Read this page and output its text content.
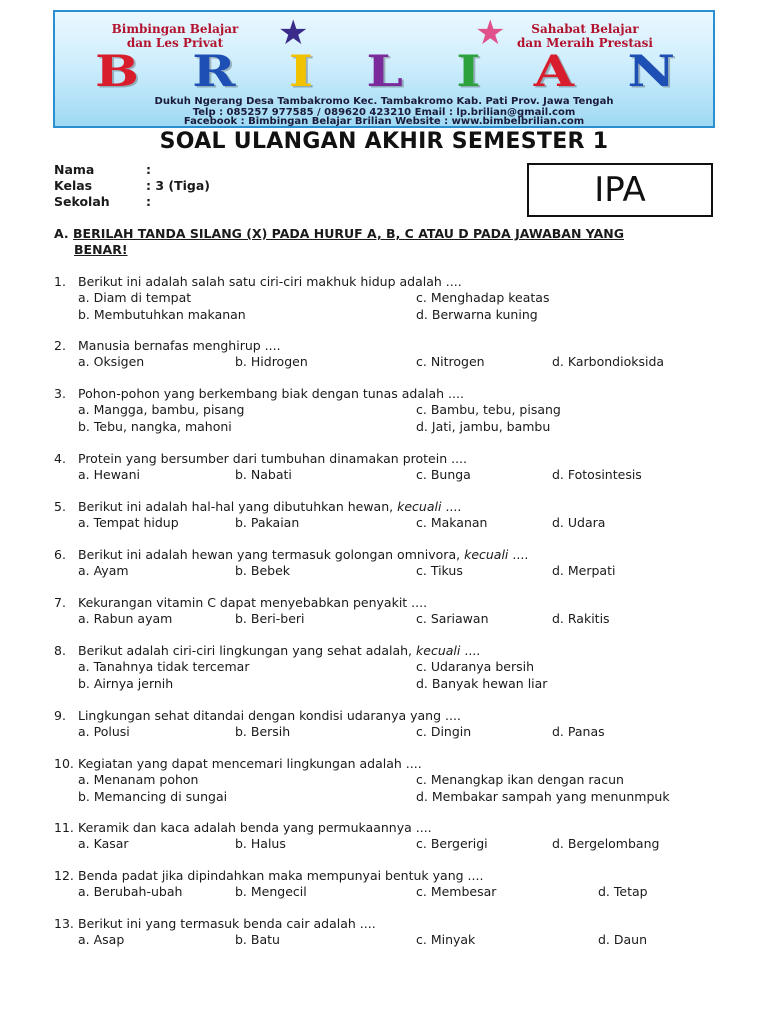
Bimbingan Belajar
dan Les Privat
Sahabat Belajar
dan Meraih Prestasi
★	★
B R I L I A N
Dukuh Ngerang Desa Tambakromo Kec. Tambakromo Kab. Pati Prov. Jawa Tengah
Telp : 085257 977585 / 089620 423210 Email : lp.brilian@gmail.com
Facebook : Bimbingan Belajar Brilian Website : www.bimbelbrilian.com
SOAL ULANGAN AKHIR SEMESTER 1
Nama	:
Kelas	: 3 (Tiga)
Sekolah	:	IPA
A. BERILAH TANDA SILANG (X) PADA HURUF A, B, C ATAU D PADA JAWABAN YANG
BENAR!
1. Berikut ini adalah salah satu ciri-ciri makhuk hidup adalah ....
a. Diam di tempat
b. Membutuhkan makanan
c. Menghadap keatas
d. Berwarna kuning
2. Manusia bernafas menghirup ....
a. Oksigen	b. Hidrogen	c. Nitrogen	d. Karbondioksida
3. Pohon-pohon yang berkembang biak dengan tunas adalah ....
a. Mangga, bambu, pisang
b. Tebu, nangka, mahoni
c. Bambu, tebu, pisang
d. Jati, jambu, bambu
4. Protein yang bersumber dari tumbuhan dinamakan protein ....
a. Hewani	b. Nabati	c. Bunga	d. Fotosintesis
5. Berikut ini adalah hal-hal yang dibutuhkan hewan, kecuali ....
a. Tempat hidup	b. Pakaian	c. Makanan	d. Udara
6. Berikut ini adalah hewan yang termasuk golongan omnivora, kecuali ....
a. Ayam	b. Bebek	c. Tikus	d. Merpati
7. Kekurangan vitamin C dapat menyebabkan penyakit ....
a. Rabun ayam	b. Beri-beri	c. Sariawan	d. Rakitis
8. Berikut adalah ciri-ciri lingkungan yang sehat adalah, kecuali ....
a. Tanahnya tidak tercemar
b. Airnya jernih
c. Udaranya bersih
d. Banyak hewan liar
9. Lingkungan sehat ditandai dengan kondisi udaranya yang ....
a. Polusi	b. Bersih	c. Dingin	d. Panas
10. Kegiatan yang dapat mencemari lingkungan adalah ....
a. Menanam pohon
b. Memancing di sungai
c. Menangkap ikan dengan racun
d. Membakar sampah yang menunmpuk
11. Keramik dan kaca adalah benda yang permukaannya ....
a. Kasar	b. Halus	c. Bergerigi	d. Bergelombang
12. Benda padat jika dipindahkan maka mempunyai bentuk yang ....
a. Berubah-ubah	b. Mengecil	c. Membesar	d. Tetap
13. Berikut ini yang termasuk benda cair adalah ....
a. Asap	b. Batu	c. Minyak	d. Daun
